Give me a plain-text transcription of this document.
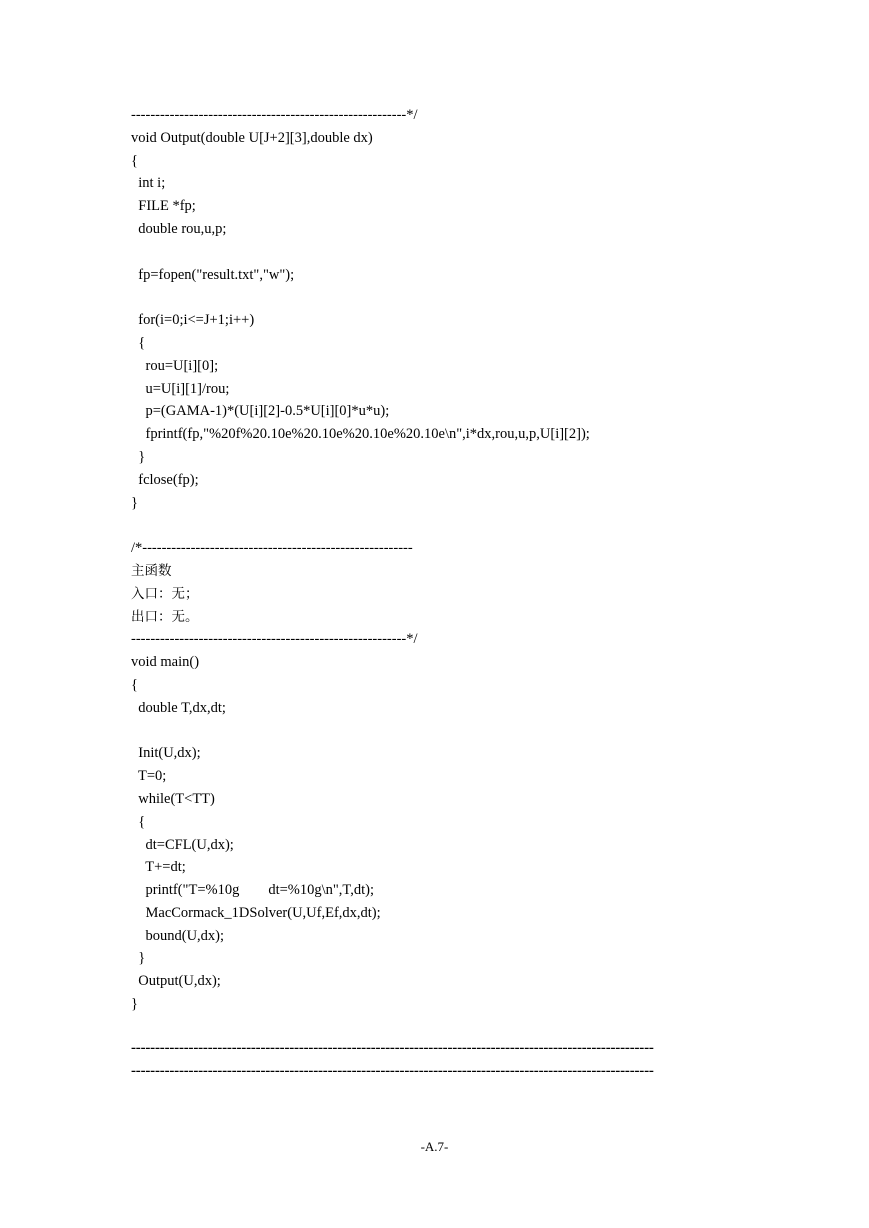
---------------------------------------------------------*/
void Output(double U[J+2][3],double dx)
{
int i;
FILE *fp;
double rou,u,p;

fp=fopen("result.txt","w");

for(i=0;i<=J+1;i++)
{
rou=U[i][0];
u=U[i][1]/rou;
p=(GAMA-1)*(U[i][2]-0.5*U[i][0]*u*u);
fprintf(fp,"%20f%20.10e%20.10e%20.10e%20.10e\n",i*dx,rou,u,p,U[i][2]);
}
fclose(fp);
}

/*--------------------------------------------------------
主函数
入口：无；
出口：无。
---------------------------------------------------------*/
void main()
{
double T,dx,dt;

Init(U,dx);
T=0;
while(T<TT)
{
dt=CFL(U,dx);
T+=dt;
printf("T=%10g        dt=%10g\n",T,dt);
MacCormack_1DSolver(U,Uf,Ef,dx,dt);
bound(U,dx);
}
Output(U,dx);
}
-------------------------------------------------------------------------------------------------------------
-------------------------------------------------------------------------------------------------------------
-A.7-
